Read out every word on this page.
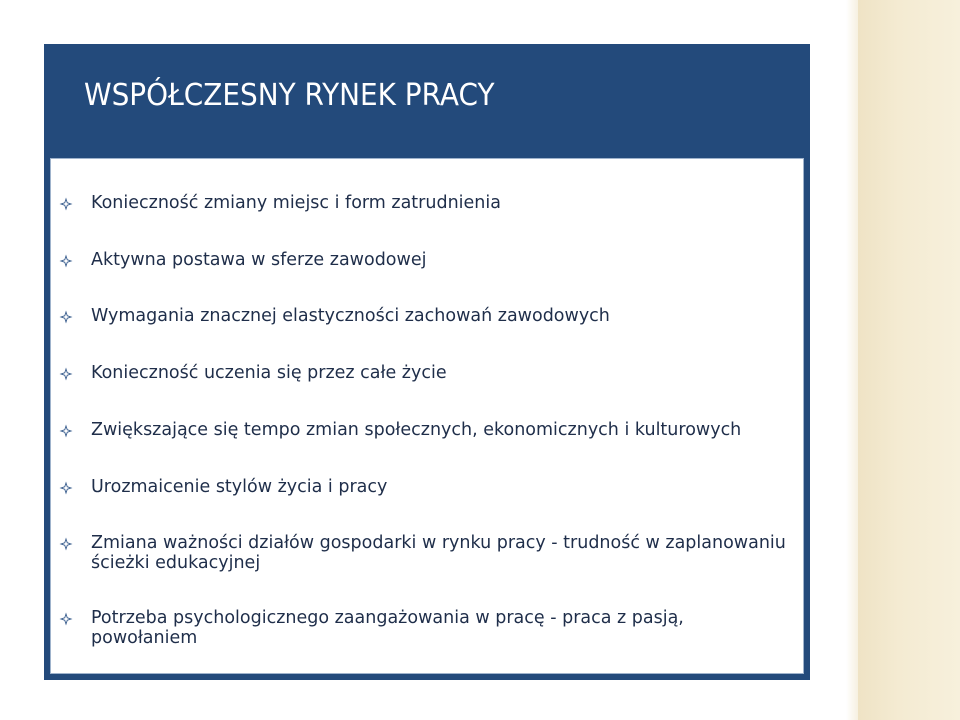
WSPÓŁCZESNY RYNEK PRACY
Konieczność zmiany miejsc i form zatrudnienia
Aktywna postawa w sferze zawodowej
Wymagania znacznej elastyczności zachowań zawodowych
Konieczność uczenia się przez całe życie
Zwiększające się tempo zmian społecznych, ekonomicznych i kulturowych
Urozmaicenie stylów życia i pracy
Zmiana ważności działów gospodarki w rynku pracy - trudność w zaplanowaniu ścieżki edukacyjnej
Potrzeba psychologicznego zaangażowania w pracę - praca z pasją, powołaniem
